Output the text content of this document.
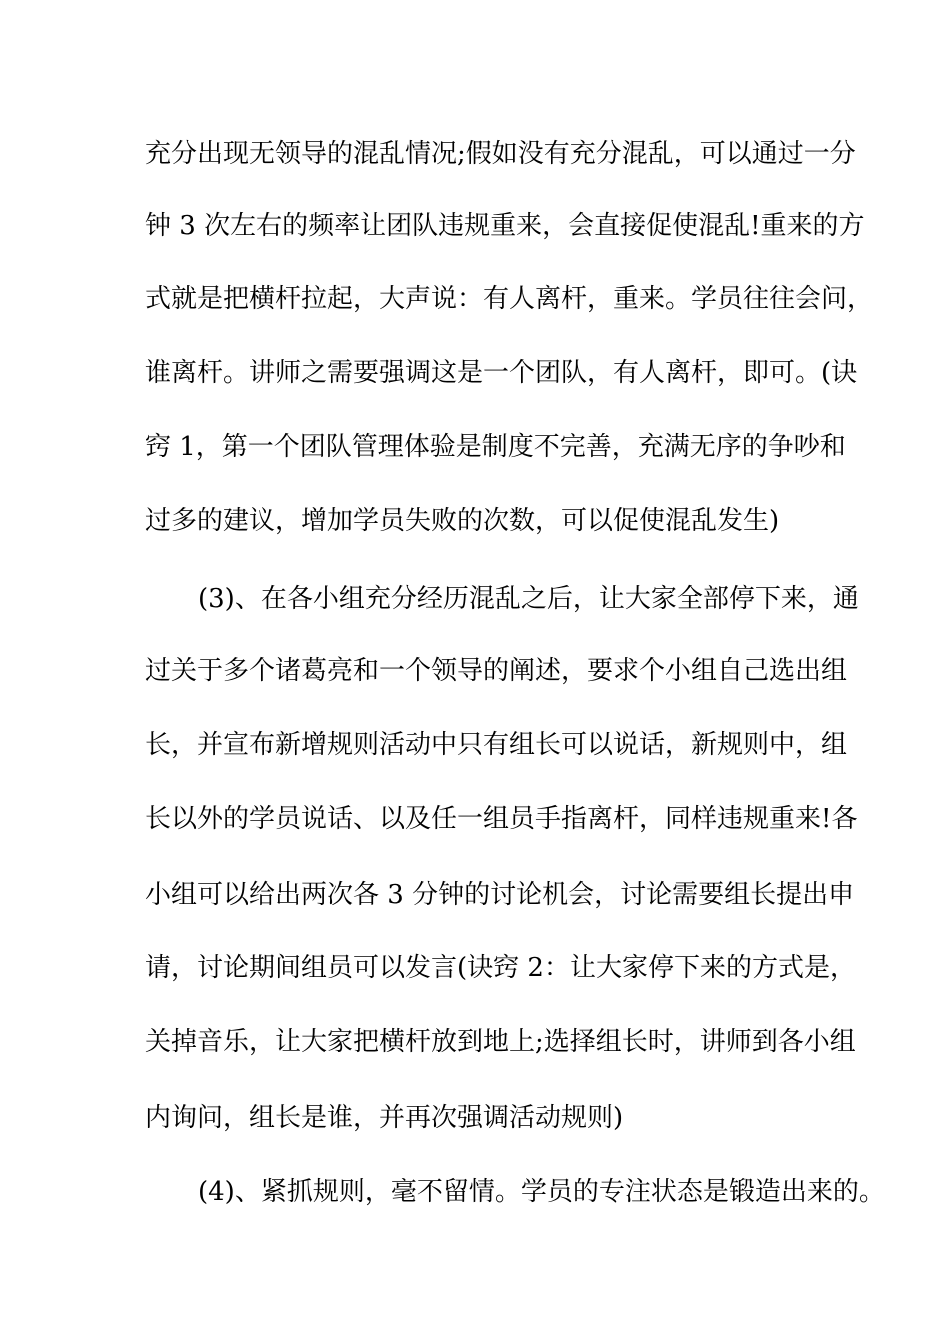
充分出现无领导的混乱情况;假如没有充分混乱，可以通过一分

钟 3 次左右的频率让团队违规重来，会直接促使混乱!重来的方

式就是把横杆拉起，大声说：有人离杆，重来。学员往往会问，

谁离杆。讲师之需要强调这是一个团队，有人离杆，即可。(诀

窍 1，第一个团队管理体验是制度不完善，充满无序的争吵和

过多的建议，增加学员失败的次数，可以促使混乱发生)

(3)、在各小组充分经历混乱之后，让大家全部停下来，通

过关于多个诸葛亮和一个领导的阐述，要求个小组自己选出组

长，并宣布新增规则活动中只有组长可以说话，新规则中，组

长以外的学员说话、以及任一组员手指离杆，同样违规重来!各

小组可以给出两次各 3 分钟的讨论机会，讨论需要组长提出申

请，讨论期间组员可以发言(诀窍 2：让大家停下来的方式是，

关掉音乐，让大家把横杆放到地上;选择组长时，讲师到各小组

内询问，组长是谁，并再次强调活动规则)

(4)、紧抓规则，毫不留情。学员的专注状态是锻造出来的。
